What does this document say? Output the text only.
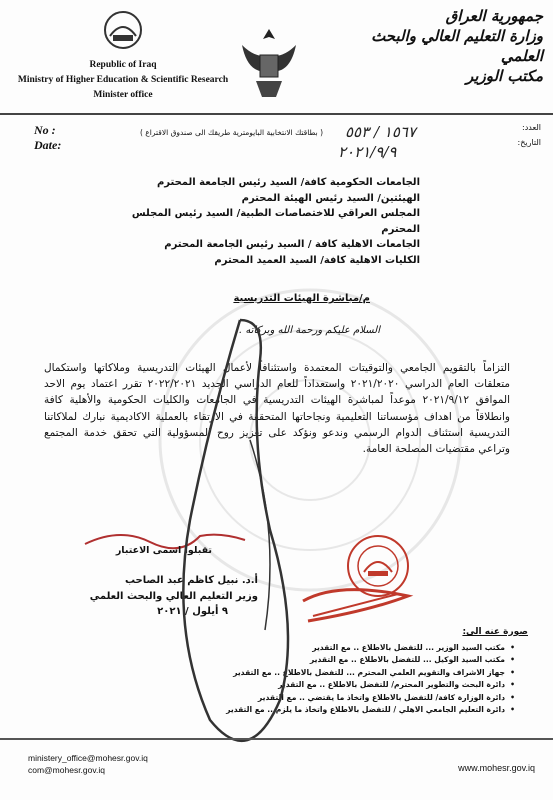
Republic of Iraq
Ministry of Higher Education & Scientific Research
Minister office
جمهورية العراق
وزارة التعليم العالي والبحث العلمي
مكتب الوزير
No :
Date:
( بطاقتك الانتخابية البايومترية طريقك الى صندوق الاقتراع )
العدد:
التاريخ:
١٥٦٧ / ٥٥٣
٢٠٢١/٩/٩
الجامعات الحكومية كافة/ السيد رئيس الجامعة المحترم
الهيئتين/ السيد رئيس الهيئة المحترم
المجلس العراقي للاختصاصات الطبية/ السيد رئيس المجلس المحترم
الجامعات الاهلية كافة / السيد رئيس الجامعة المحترم
الكليات الاهلية كافة/ السيد العميد المحترم
م/مباشرة الهيئات التدريسية
السلام عليكم ورحمة الله وبركاته ..
التزاماً بالتقويم الجامعي والتوقيتات المعتمدة واستئنافاً لأعمال الهيئات التدريسية وملاكاتها واستكمال متعلقات العام الدراسي ٢٠٢١/٢٠٢٠ واستعداداً للعام الدراسي الجديد ٢٠٢٢/٢٠٢١ تقرر اعتماد يوم الاحد الموافق ٢٠٢١/٩/١٢ موعداً لمباشرة الهيئات التدريسية في الجامعات والكليات الحكومية والأهلية كافة وانطلاقاً من اهداف مؤسساتنا التعليمية ونجاحاتها المتحققة في الارتقاء بالعملية الاكاديمية نبارك لملاكاتنا التدريسية استئناف الدوام الرسمي وندعو ونؤكد على تعزيز روح المسؤولية التي تحقق خدمة المجتمع وتراعي مقتضيات المصلحة العامة.
تقبلوا اسمى الاعتبار
أ.د. نبيل كاظم عبد الصاحب
وزير التعليم العالي والبحث العلمي
٩ أيلول / ٢٠٢١
صورة عنه الى:
•مكتب السيد الوزير ... للتفضل بالاطلاع .. مع التقدير
•مكتب السيد الوكيل ... للتفضل بالاطلاع .. مع التقدير
•جهاز الاشراف والتقويم العلمي المحترم ... للتفضل بالاطلاع .. مع التقدير
•دائرة البحث والتطوير المحترم/ للتفضل بالاطلاع .. مع التقدير
•دائرة الوزارة كافة/ للتفضل بالاطلاع واتخاذ ما يقتضي .. مع التقدير
•دائرة التعليم الجامعي الاهلي / للتفضل بالاطلاع واتخاذ ما يلزم .. مع التقدير
ministery_office@mohesr.gov.iq
com@mohesr.gov.iq	www.mohesr.gov.iq
